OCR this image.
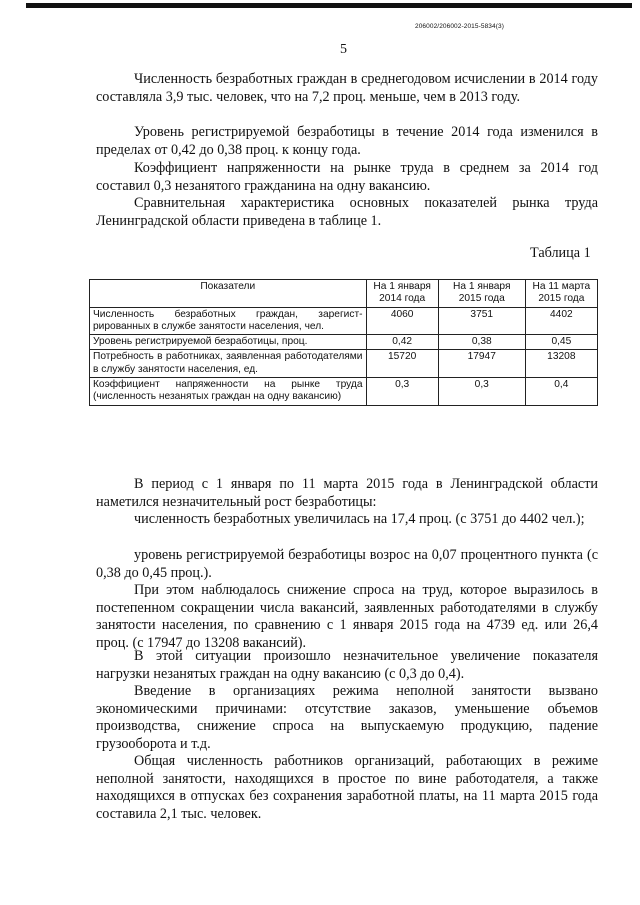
206002/206002-2015-5834(3)
5

Численность безработных граждан в среднегодовом исчислении в 2014 году составляла 3,9 тыс. человек, что на 7,2 проц. меньше, чем в 2013 году.

Уровень регистрируемой безработицы в течение 2014 года изменился в пределах от 0,42 до 0,38 проц. к концу года.

Коэффициент напряженности на рынке труда в среднем за 2014 год составил 0,3 незанятого гражданина на одну вакансию.

Сравнительная характеристика основных показателей рынка труда Ленинградской области приведена в таблице 1.

Таблица 1
Показатели	На 1 января 2014 года	На 1 января 2015 года	На 11 марта 2015 года
Численность безработных граждан, зарегист-рированных в службе занятости населения, чел.	4060	3751	4402
Уровень регистрируемой безработицы, проц.	0,42	0,38	0,45
Потребность в работниках, заявленная работодателями в службу занятости населения, ед.	15720	17947	13208
Коэффициент напряженности на рынке труда (численность незанятых граждан на одну вакансию)	0,3	0,3	0,4

В период с 1 января по 11 марта 2015 года в Ленинградской области наметился незначительный рост безработицы:

численность безработных увеличилась на 17,4 проц. (с 3751 до 4402 чел.);

уровень регистрируемой безработицы возрос на 0,07 процентного пункта (с 0,38 до 0,45 проц.).

При этом наблюдалось снижение спроса на труд, которое выразилось в постепенном сокращении числа вакансий, заявленных работодателями в службу занятости населения, по сравнению с 1 января 2015 года на 4739 ед. или 26,4 проц. (с 17947 до 13208 вакансий).

В этой ситуации произошло незначительное увеличение показателя нагрузки незанятых граждан на одну вакансию (с 0,3 до 0,4).

Введение в организациях режима неполной занятости вызвано экономическими причинами: отсутствие заказов, уменьшение объемов производства, снижение спроса на выпускаемую продукцию, падение грузооборота и т.д.

Общая численность работников организаций, работающих в режиме неполной занятости, находящихся в простое по вине работодателя, а также находящихся в отпусках без сохранения заработной платы, на 11 марта 2015 года составила 2,1 тыс. человек.
